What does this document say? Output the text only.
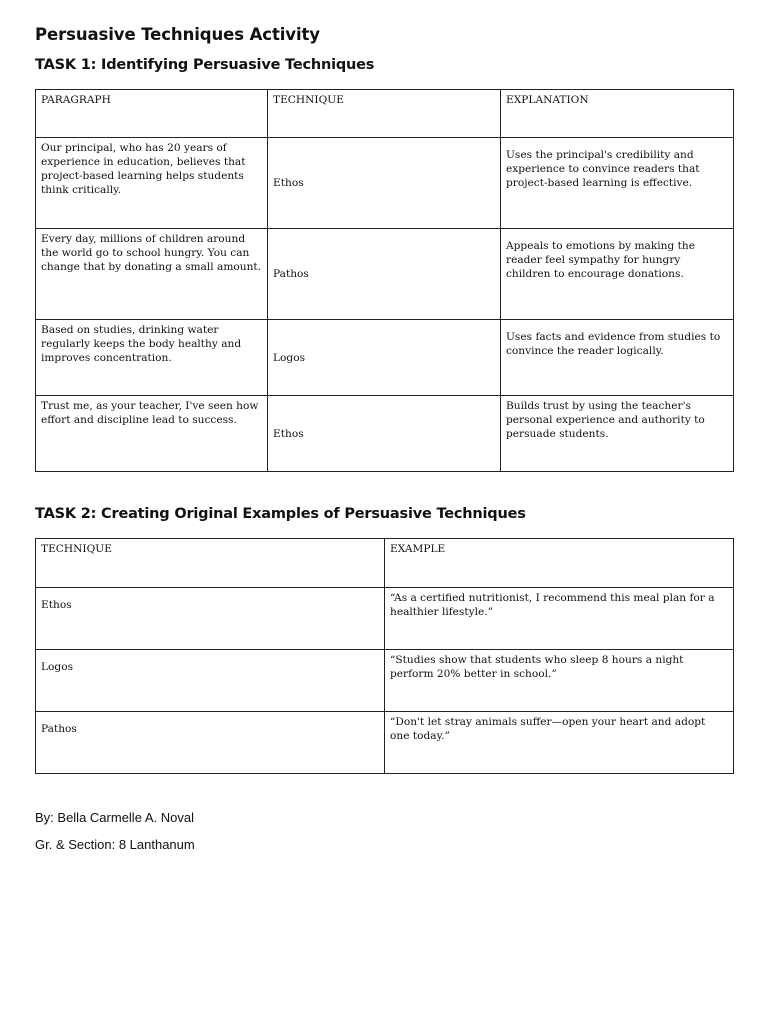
Persuasive Techniques Activity
TASK 1: Identifying Persuasive Techniques
PARAGRAPH	TECHNIQUE	EXPLANATION
Our principal, who has 20 years of experience in education, believes that project-based learning helps students think critically.	Ethos	Uses the principal's credibility and experience to convince readers that project-based learning is effective.
Every day, millions of children around the world go to school hungry. You can change that by donating a small amount.	Pathos	Appeals to emotions by making the reader feel sympathy for hungry children to encourage donations.
Based on studies, drinking water regularly keeps the body healthy and improves concentration.	Logos	Uses facts and evidence from studies to convince the reader logically.
Trust me, as your teacher, I've seen how effort and discipline lead to success.	Ethos	Builds trust by using the teacher's personal experience and authority to persuade students.
TASK 2: Creating Original Examples of Persuasive Techniques
TECHNIQUE	EXAMPLE
Ethos	“As a certified nutritionist, I recommend this meal plan for a healthier lifestyle.”
Logos	“Studies show that students who sleep 8 hours a night perform 20% better in school.”
Pathos	“Don't let stray animals suffer—open your heart and adopt one today.”

By: Bella Carmelle A. Noval

Gr. & Section: 8 Lanthanum
